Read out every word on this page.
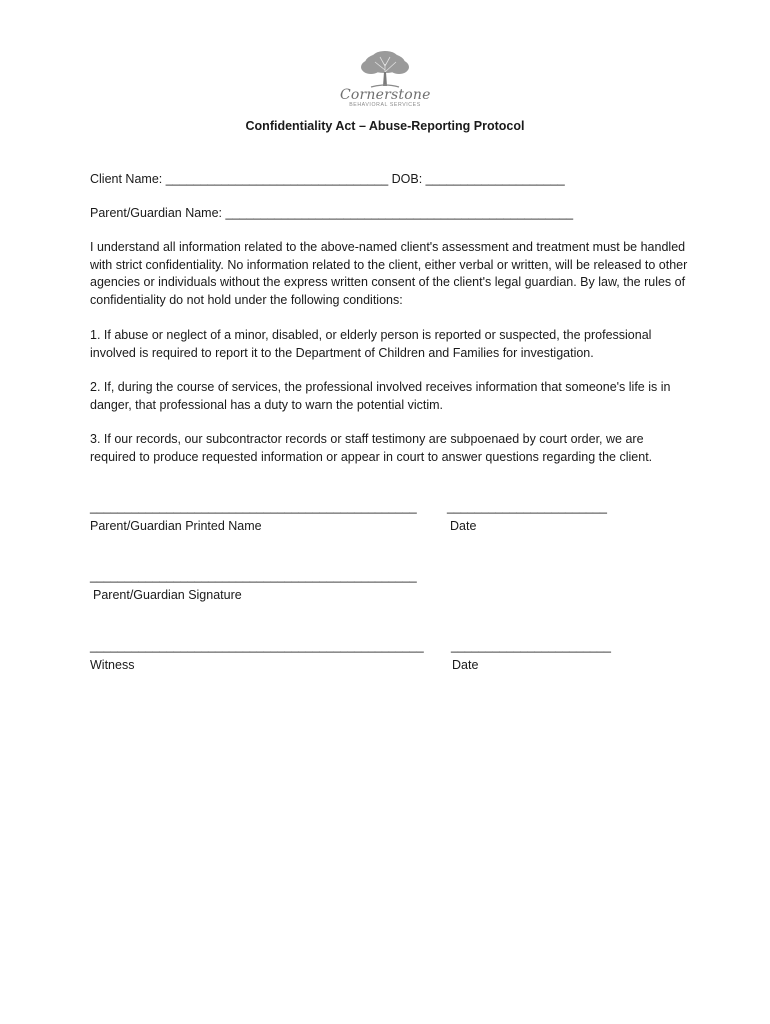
Cornerstone
BEHAVIORAL SERVICES
Confidentiality Act – Abuse-Reporting Protocol
Client Name: ________________________________ DOB: ____________________
Parent/Guardian Name: __________________________________________________

I understand all information related to the above-named client's assessment and treatment must be handled with strict confidentiality. No information related to the client, either verbal or written, will be released to other agencies or individuals without the express written consent of the client's legal guardian. By law, the rules of confidentiality do not hold under the following conditions:

1. If abuse or neglect of a minor, disabled, or elderly person is reported or suspected, the professional involved is required to report it to the Department of Children and Families for investigation.

2. If, during the course of services, the professional involved receives information that someone's life is in danger, that professional has a duty to warn the potential victim.

3. If our records, our subcontractor records or staff testimony are subpoenaed by court order, we are required to produce requested information or appear in court to answer questions regarding the client.

_______________________________________________
Parent/Guardian Printed Name
_______________________
Date
_______________________________________________
Parent/Guardian Signature
________________________________________________
Witness
_______________________
Date
